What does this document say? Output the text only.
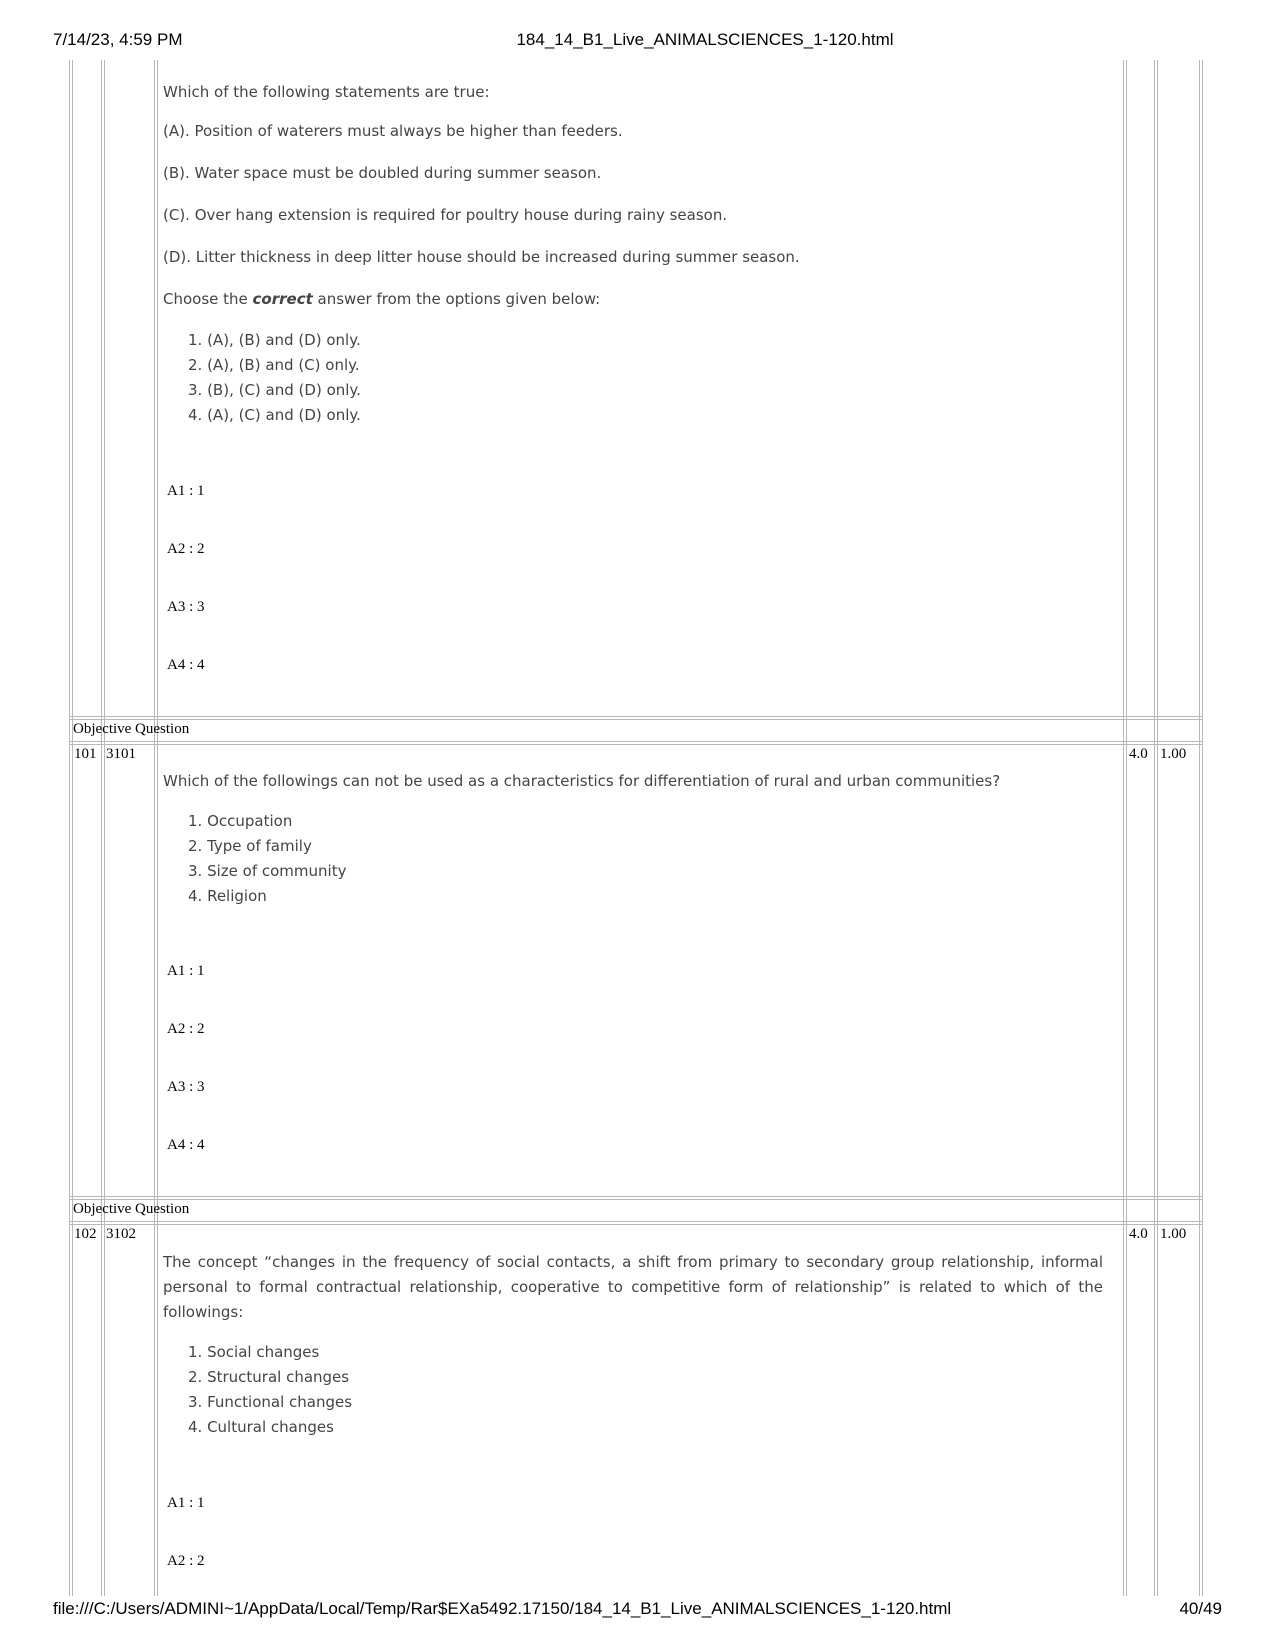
7/14/23, 4:59 PM	184_14_B1_Live_ANIMALSCIENCES_1-120.html
Which of the following statements are true:
(A). Position of waterers must always be higher than feeders.
(B). Water space must be doubled during summer season.
(C). Over hang extension is required for poultry house during rainy season.
(D). Litter thickness in deep litter house should be increased during summer season.
Choose the correct answer from the options given below:
1. (A), (B) and (D) only.
2. (A), (B) and (C) only.
3. (B), (C) and (D) only.
4. (A), (C) and (D) only.
A1 : 1
A2 : 2
A3 : 3
A4 : 4
Objective Question
101 3101	4.0 1.00
Which of the followings can not be used as a characteristics for differentiation of rural and urban communities?
1. Occupation
2. Type of family
3. Size of community
4. Religion
A1 : 1
A2 : 2
A3 : 3
A4 : 4
Objective Question
102 3102	4.0 1.00
The concept “changes in the frequency of social contacts, a shift from primary to secondary group relationship, informal personal to formal contractual relationship, cooperative to competitive form of relationship” is related to which of the followings:
1. Social changes
2. Structural changes
3. Functional changes
4. Cultural changes
A1 : 1
A2 : 2
file:///C:/Users/ADMINI~1/AppData/Local/Temp/Rar$EXa5492.17150/184_14_B1_Live_ANIMALSCIENCES_1-120.html	40/49
